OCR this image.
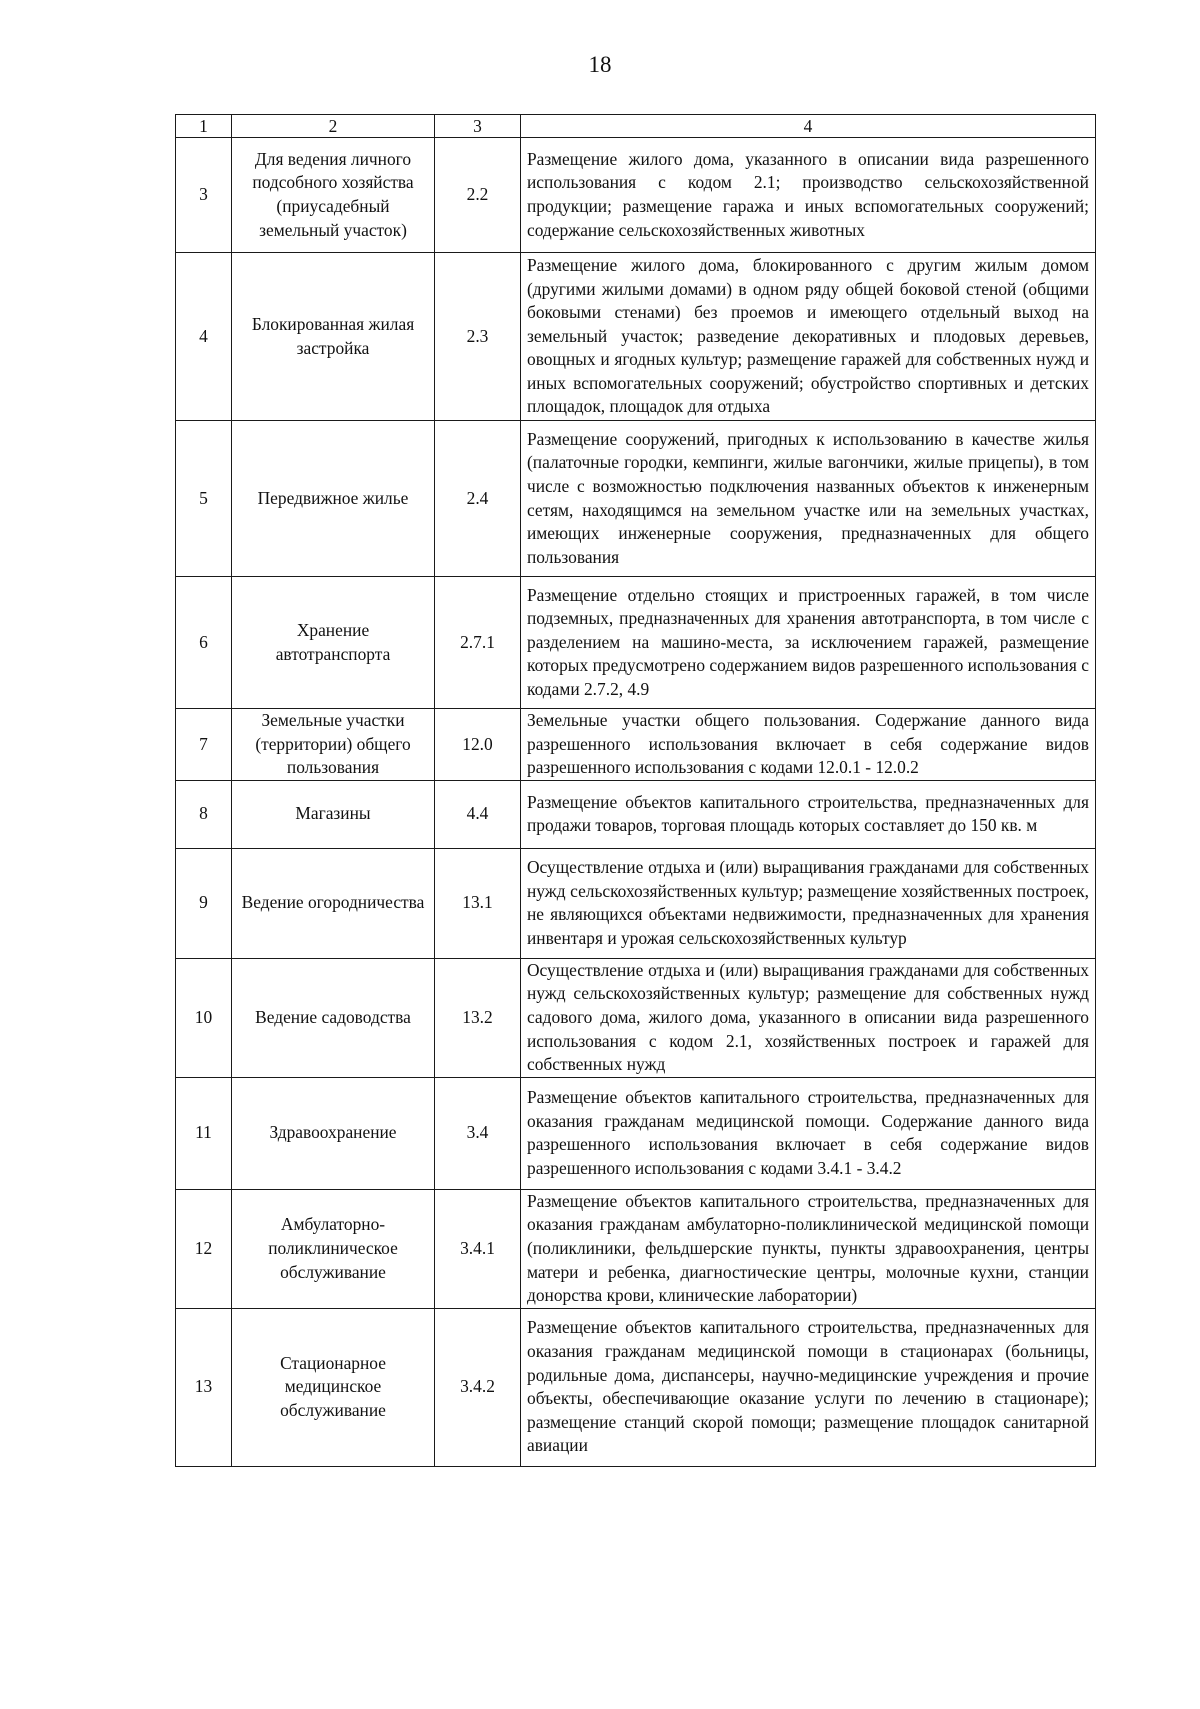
18
1	2	3	4
3	Для ведения личного подсобного хозяйства (приусадебный земельный участок)	2.2	Размещение жилого дома, указанного в описании вида разрешенного использования с кодом 2.1; производство сельскохозяйственной продукции; размещение гаража и иных вспомогательных сооружений; содержание сельскохозяйственных животных
4	Блокированная жилая застройка	2.3	Размещение жилого дома, блокированного с другим жилым домом (другими жилыми домами) в одном ряду общей боковой стеной (общими боковыми стенами) без проемов и имеющего отдельный выход на земельный участок; разведение декоративных и плодовых деревьев, овощных и ягодных культур; размещение гаражей для собственных нужд и иных вспомогательных сооружений; обустройство спортивных и детских площадок, площадок для отдыха
5	Передвижное жилье	2.4	Размещение сооружений, пригодных к использованию в качестве жилья (палаточные городки, кемпинги, жилые вагончики, жилые прицепы), в том числе с возможностью подключения названных объектов к инженерным сетям, находящимся на земельном участке или на земельных участках, имеющих инженерные сооружения, предназначенных для общего пользования
6	Хранение автотранспорта	2.7.1	Размещение отдельно стоящих и пристроенных гаражей, в том числе подземных, предназначенных для хранения автотранспорта, в том числе с разделением на машино-места, за исключением гаражей, размещение которых предусмотрено содержанием видов разрешенного использования с кодами 2.7.2, 4.9
7	Земельные участки (территории) общего пользования	12.0	Земельные участки общего пользования. Содержание данного вида разрешенного использования включает в себя содержание видов разрешенного использования с кодами 12.0.1 - 12.0.2
8	Магазины	4.4	Размещение объектов капитального строительства, предназначенных для продажи товаров, торговая площадь которых составляет до 150 кв. м
9	Ведение огородничества	13.1	Осуществление отдыха и (или) выращивания гражданами для собственных нужд сельскохозяйственных культур; размещение хозяйственных построек, не являющихся объектами недвижимости, предназначенных для хранения инвентаря и урожая сельскохозяйственных культур
10	Ведение садоводства	13.2	Осуществление отдыха и (или) выращивания гражданами для собственных нужд сельскохозяйственных культур; размещение для собственных нужд садового дома, жилого дома, указанного в описании вида разрешенного использования с кодом 2.1, хозяйственных построек и гаражей для собственных нужд
11	Здравоохранение	3.4	Размещение объектов капитального строительства, предназначенных для оказания гражданам медицинской помощи. Содержание данного вида разрешенного использования включает в себя содержание видов разрешенного использования с кодами 3.4.1 - 3.4.2
12	Амбулаторно-поликлиническое обслуживание	3.4.1	Размещение объектов капитального строительства, предназначенных для оказания гражданам амбулаторно-поликлинической медицинской помощи (поликлиники, фельдшерские пункты, пункты здравоохранения, центры матери и ребенка, диагностические центры, молочные кухни, станции донорства крови, клинические лаборатории)
13	Стационарное медицинское обслуживание	3.4.2	Размещение объектов капитального строительства, предназначенных для оказания гражданам медицинской помощи в стационарах (больницы, родильные дома, диспансеры, научно-медицинские учреждения и прочие объекты, обеспечивающие оказание услуги по лечению в стационаре); размещение станций скорой помощи; размещение площадок санитарной авиации
